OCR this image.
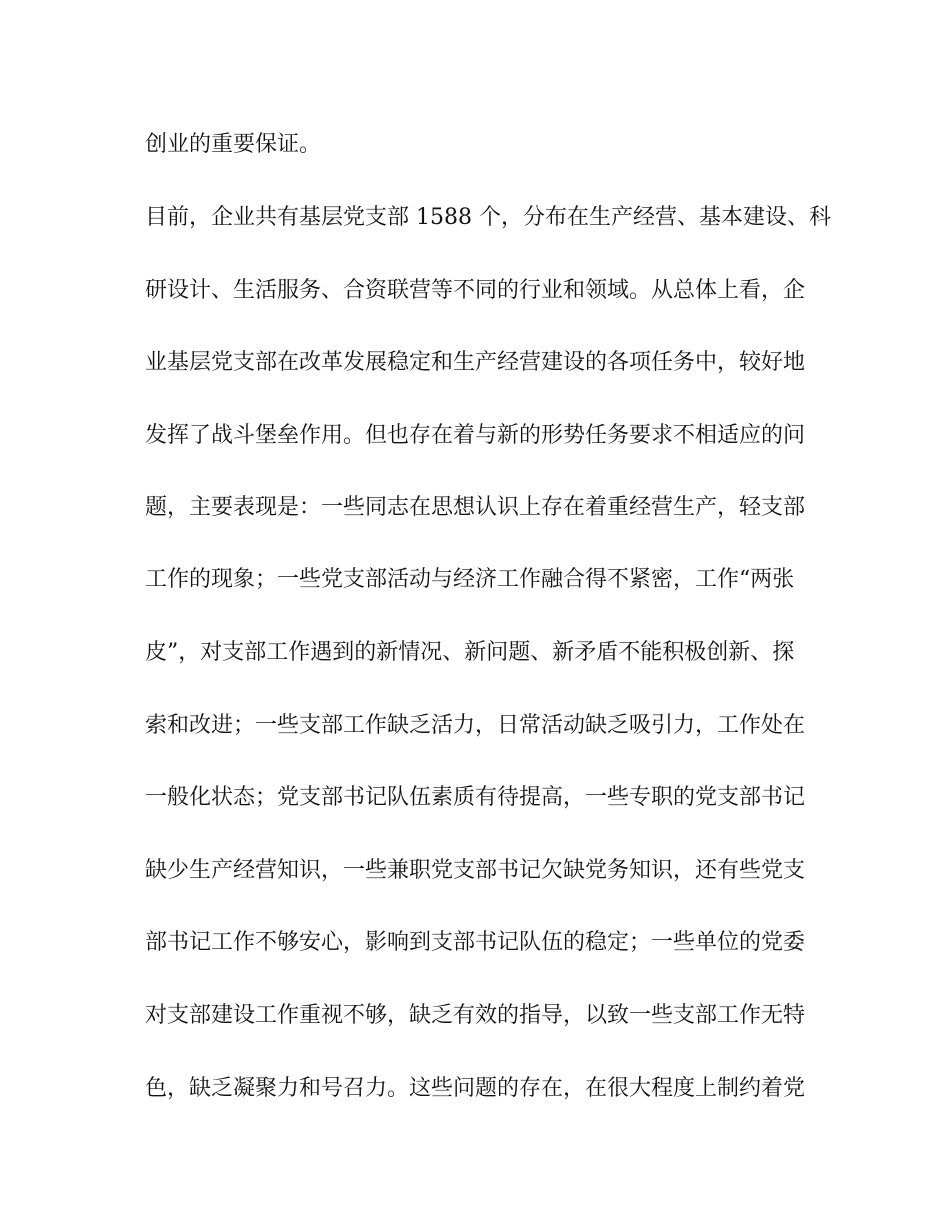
创业的重要保证。
目前，企业共有基层党支部 1588 个，分布在生产经营、基本建设、科
研设计、生活服务、合资联营等不同的行业和领域。从总体上看，企
业基层党支部在改革发展稳定和生产经营建设的各项任务中，较好地
发挥了战斗堡垒作用。但也存在着与新的形势任务要求不相适应的问
题，主要表现是：一些同志在思想认识上存在着重经营生产，轻支部
工作的现象；一些党支部活动与经济工作融合得不紧密，工作“两张
皮”，对支部工作遇到的新情况、新问题、新矛盾不能积极创新、探
索和改进；一些支部工作缺乏活力，日常活动缺乏吸引力，工作处在
一般化状态；党支部书记队伍素质有待提高，一些专职的党支部书记
缺少生产经营知识，一些兼职党支部书记欠缺党务知识，还有些党支
部书记工作不够安心，影响到支部书记队伍的稳定；一些单位的党委
对支部建设工作重视不够，缺乏有效的指导，以致一些支部工作无特
色，缺乏凝聚力和号召力。这些问题的存在，在很大程度上制约着党
